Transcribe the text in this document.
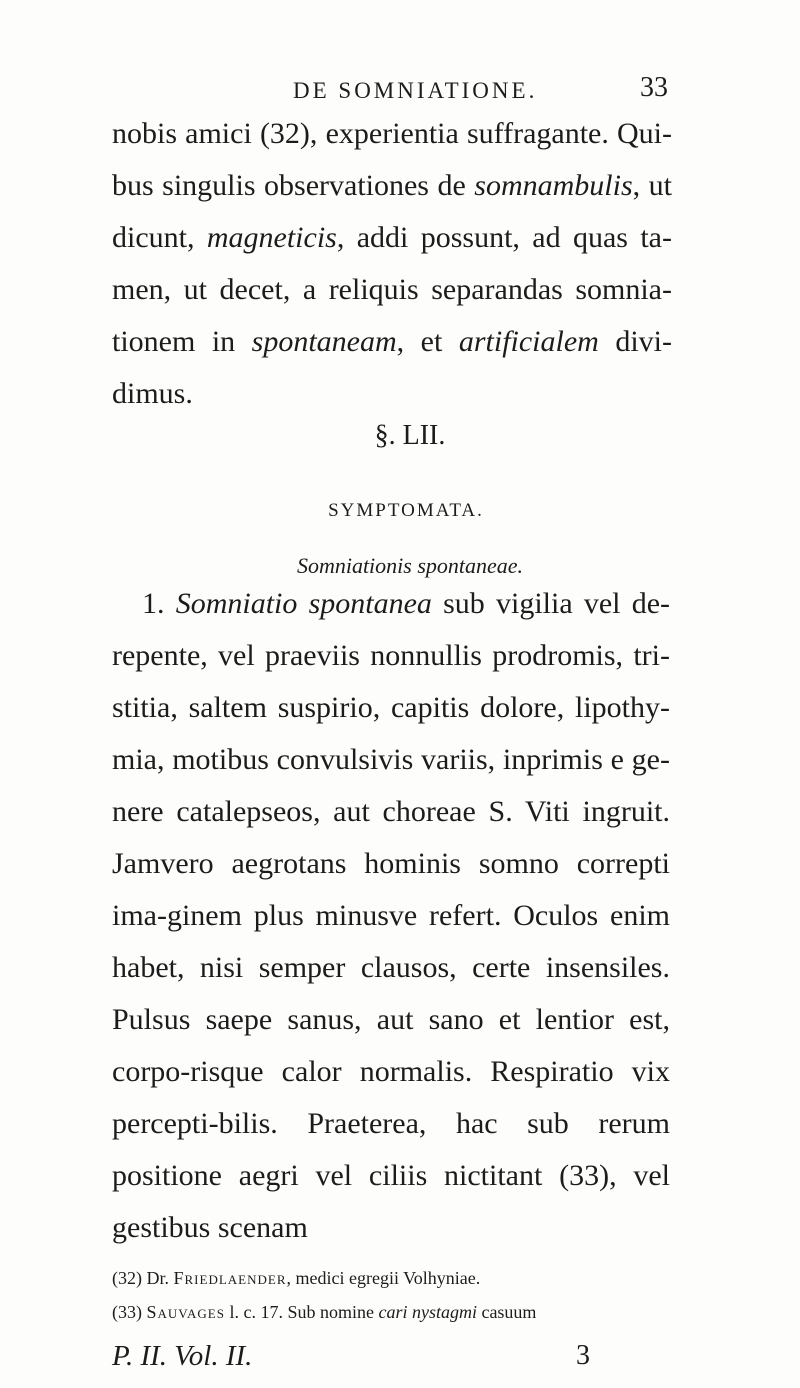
DE SOMNIATIONE.	33
nobis amici (32), experientia suffragante. Qui-bus singulis observationes de somnambulis, ut dicunt, magneticis, addi possunt, ad quas ta-men, ut decet, a reliquis separandas somnia-tionem in spontaneam, et artificialem divi-dimus.
§. LII.
SYMPTOMATA.
Somniationis spontaneae.
1. Somniatio spontanea sub vigilia vel de-repente, vel praeviis nonnullis prodromis, tri-stitia, saltem suspirio, capitis dolore, lipothy-mia, motibus convulsivis variis, inprimis e ge-nere catalepseos, aut choreae S. Viti ingruit. Jamvero aegrotans hominis somno correpti ima-ginem plus minusve refert. Oculos enim habet, nisi semper clausos, certe insensiles. Pulsus saepe sanus, aut sano et lentior est, corpo-risque calor normalis. Respiratio vix percepti-bilis. Praeterea, hac sub rerum positione aegri vel ciliis nictitant (33), vel gestibus scenam
(32) Dr. Friedlaender, medici egregii Volhyniae.
(33) Sauvages l. c. 17. Sub nomine cari nystagmi casuum
P. II. Vol. II.	3
